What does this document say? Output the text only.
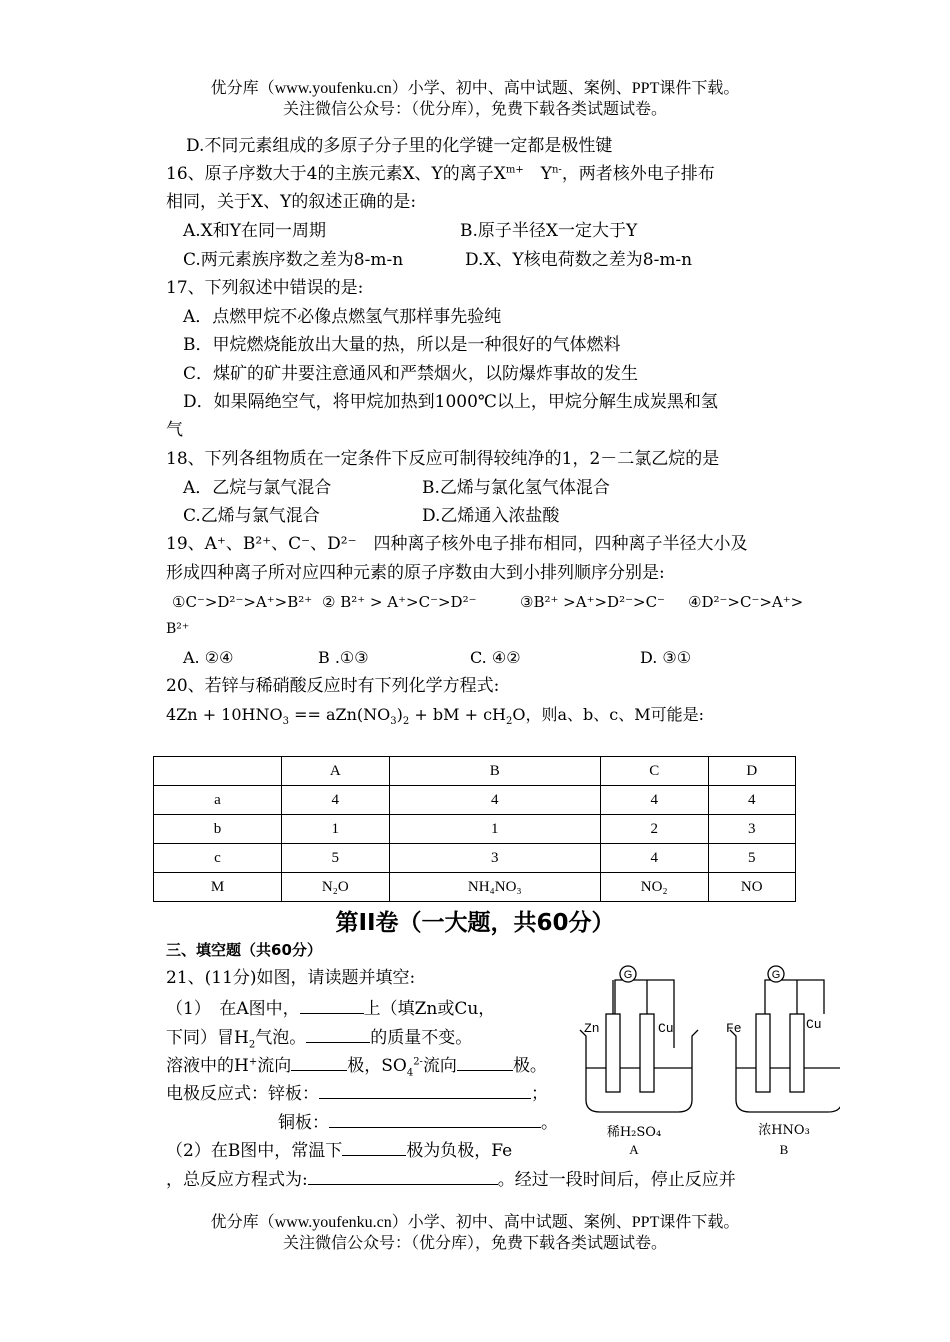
优分库（www.youfenku.cn）小学、初中、高中试题、案例、PPT课件下载。
关注微信公众号：（优分库），免费下载各类试题试卷。
D.不同元素组成的多原子分子里的化学键一定都是极性键
16、原子序数大于4的主族元素X、Y的离子$X^{m+}$　 $Y^{n-}$，两者核外电子排布
相同，关于X、Y的叙述正确的是:
A.X和Y在同一周期	B.原子半径X一定大于Y
C.两元素族序数之差为8-m-n	D.X、Y核电荷数之差为8-m-n
17、下列叙述中错误的是:
A．点燃甲烷不必像点燃氢气那样事先验纯
B．甲烷燃烧能放出大量的热，所以是一种很好的气体燃料
C．煤矿的矿井要注意通风和严禁烟火，以防爆炸事故的发生
D．如果隔绝空气，将甲烷加热到1000℃以上，甲烷分解生成炭黑和氢
气
18、下列各组物质在一定条件下反应可制得较纯净的1，2－二氯乙烷的是
A．乙烷与氯气混合	B.乙烯与氯化氢气体混合
C.乙烯与氯气混合	D.乙烯通入浓盐酸
19、A⁺、B²⁺、C⁻、D²⁻　四种离子核外电子排布相同，四种离子半径大小及
形成四种离子所对应四种元素的原子序数由大到小排列顺序分别是:
①C⁻>D²⁻>A⁺>B²⁺ ② B²⁺ > A⁺>C⁻>D²⁻	③B²⁺ >A⁺>D²⁻>C⁻ ④D²⁻>C⁻>A⁺>
B²⁺
A. ②④	B .①③	C. ④②	D. ③①
20、若锌与稀硝酸反应时有下列化学方程式:
$4Zn + 10HNO_3 == aZn(NO_3)_2$ + bM + $cH_2O$，则a、b、c、M可能是:
	A	B	C	D
a	4	4	4	4
b	1	1	2	3
c	5	3	4	5
M	N₂O	NH₄NO₃	NO₂	NO
第II卷（一大题，共60分）
三、填空题（共60分）
21、(11分)如图，请读题并填空:
（1）　在A图中，	上（填Zn或Cu，
下同）冒$H_2$气泡。	的质量不变。
溶液中的H+流向	极，$SO_4^{2-}$流向	极。
电极反应式：锌板：	；
铜板：	。
（2）在B图中，常温下	极为负极，Fe
，总反应方程式为:	。经过一段时间后，停止反应并
G
Zn	Cu
稀H₂SO₄
A
G
Fe	Cu
浓HNO₃
B
优分库（www.youfenku.cn）小学、初中、高中试题、案例、PPT课件下载。
关注微信公众号：（优分库），免费下载各类试题试卷。
